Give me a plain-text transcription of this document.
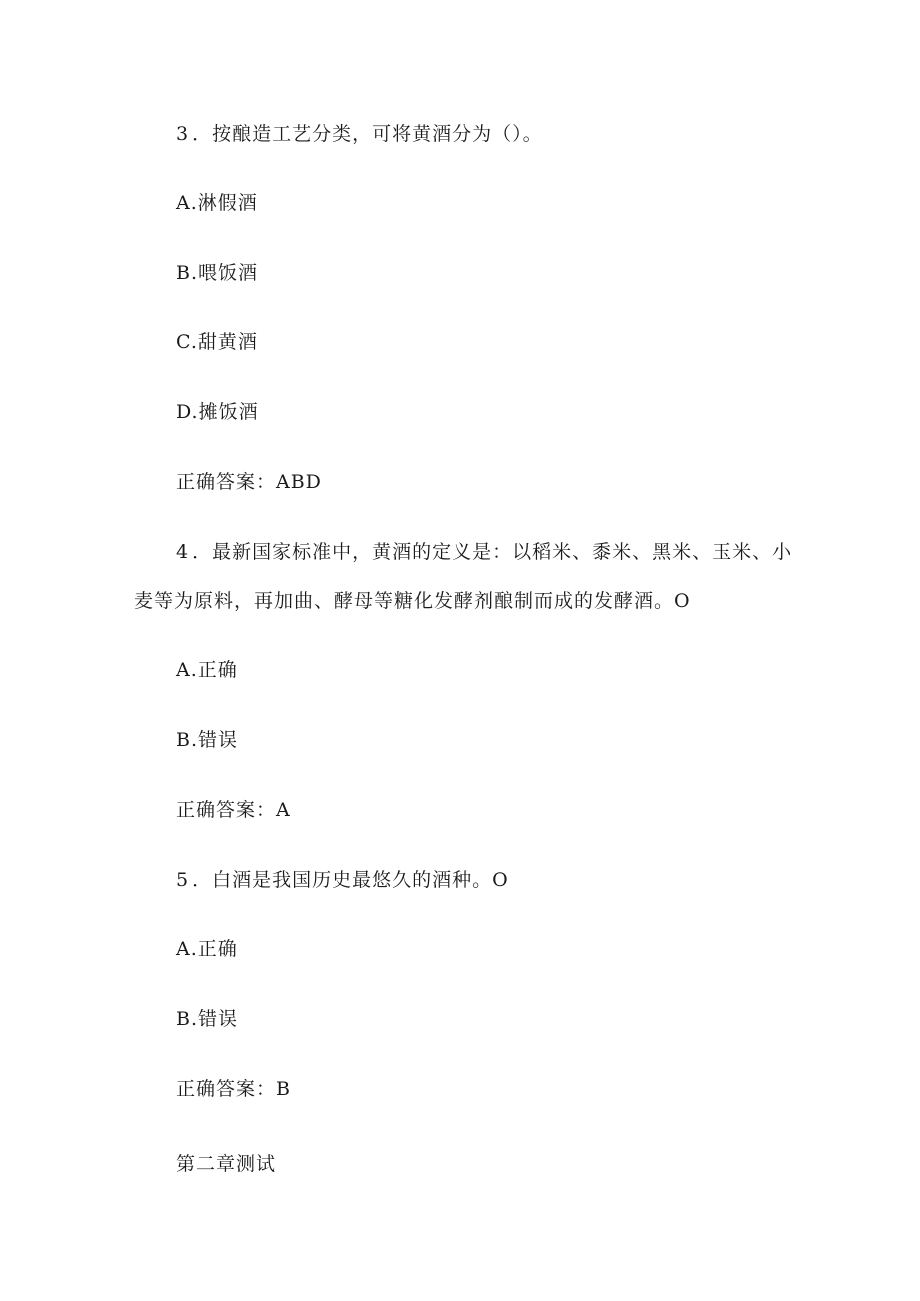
3．按酿造工艺分类，可将黄酒分为（）。
A.淋假酒
B.喂饭酒
C.甜黄酒
D.摊饭酒
正确答案：ABD
4．最新国家标准中，黄酒的定义是：以稻米、黍米、黑米、玉米、小
麦等为原料，再加曲、酵母等糖化发酵剂酿制而成的发酵酒。O
A.正确
B.错误
正确答案：A
5．白酒是我国历史最悠久的酒种。O
A.正确
B.错误
正确答案：B
第二章测试
